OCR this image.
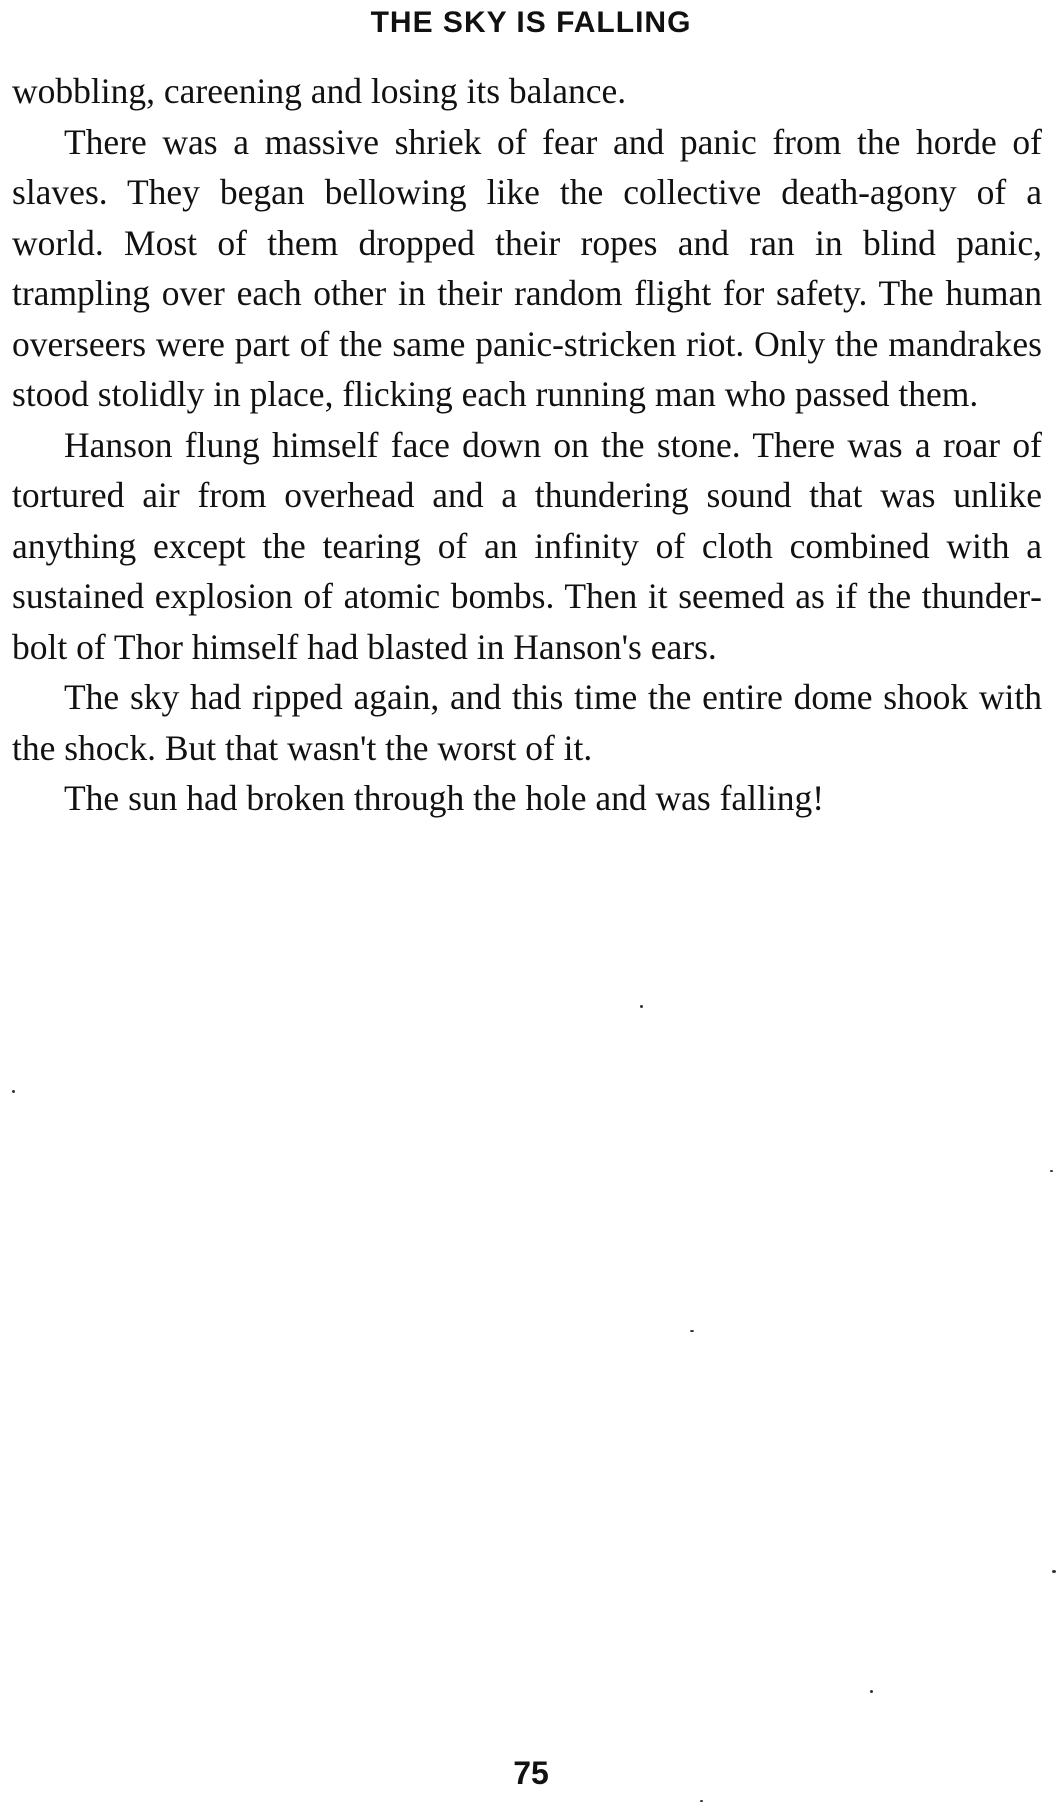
THE SKY IS FALLING

wobbling, careening and losing its balance.

There was a massive shriek of fear and panic from the horde of slaves. They began bellowing like the collective death-agony of a world. Most of them dropped their ropes and ran in blind panic, trampling over each other in their random flight for safety. The human overseers were part of the same panic-stricken riot. Only the mandrakes stood stolidly in place, flicking each running man who passed them.

Hanson flung himself face down on the stone. There was a roar of tortured air from overhead and a thundering sound that was unlike anything except the tearing of an infinity of cloth combined with a sustained explosion of atomic bombs. Then it seemed as if the thunderbolt of Thor himself had blasted in Hanson's ears.

The sky had ripped again, and this time the entire dome shook with the shock. But that wasn't the worst of it.

The sun had broken through the hole and was falling!

75
